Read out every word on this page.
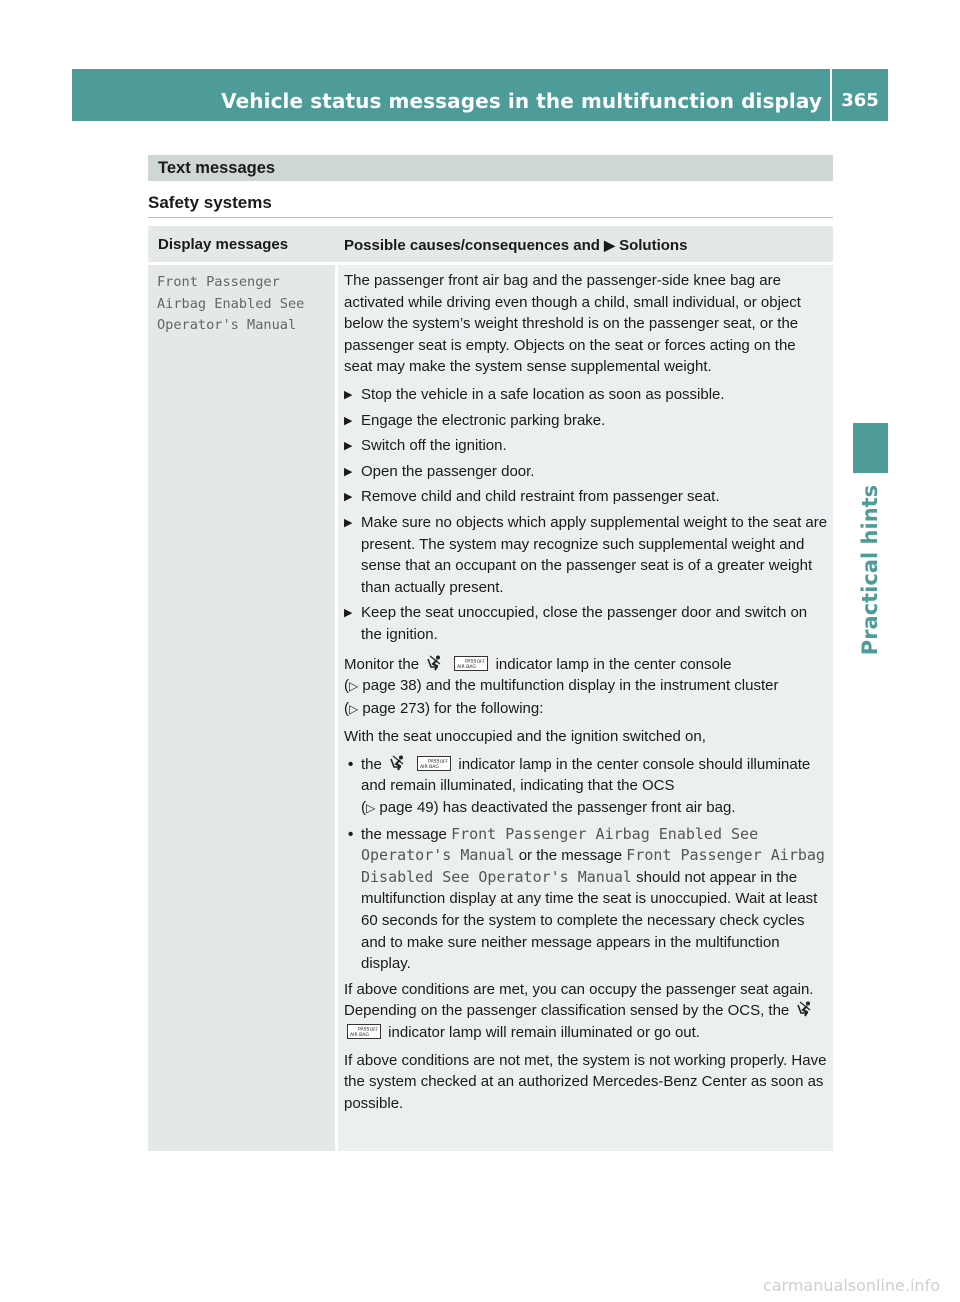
Vehicle status messages in the multifunction display 365
Practical hints
Text messages
Safety systems
Display messages	Possible causes/consequences and ▶ Solutions
Front Passenger
Airbag Enabled See
Operator's Manual

The passenger front air bag and the passenger-side knee bag are activated while driving even though a child, small individual, or object below the system’s weight threshold is on the passenger seat, or the passenger seat is empty. Objects on the seat or forces acting on the seat may make the system sense supplemental weight.

▶ Stop the vehicle in a safe location as soon as possible.
▶ Engage the electronic parking brake.
▶ Switch off the ignition.
▶ Open the passenger door.
▶ Remove child and child restraint from passenger seat.
▶ Make sure no objects which apply supplemental weight to the seat are present. The system may recognize such supplemental weight and sense that an occupant on the passenger seat is of a greater weight than actually present.
▶ Keep the seat unoccupied, close the passenger door and switch on the ignition.

Monitor the	PASS
AIR BAG
OFF indicator lamp in the center console
(▷ page 38) and the multifunction display in the instrument cluster
(▷ page 273) for the following:

With the seat unoccupied and the ignition switched on,

• the	PASS
AIR BAG
OFF indicator lamp in the center console should illuminate and remain illuminated, indicating that the OCS
(▷ page 49) has deactivated the passenger front air bag.
• the message Front Passenger Airbag Enabled See Operator's Manual or the message Front Passenger Airbag Disabled See Operator's Manual should not appear in the multifunction display at any time the seat is unoccupied. Wait at least 60 seconds for the system to complete the necessary check cycles and to make sure neither message appears in the multifunction display.

If above conditions are met, you can occupy the passenger seat again. Depending on the passenger classification sensed by the OCS, the
PASS
AIR BAG
OFF indicator lamp will remain illuminated or go out.

If above conditions are not met, the system is not working properly. Have the system checked at an authorized Mercedes-Benz Center as soon as possible.

carmanualsonline.info
